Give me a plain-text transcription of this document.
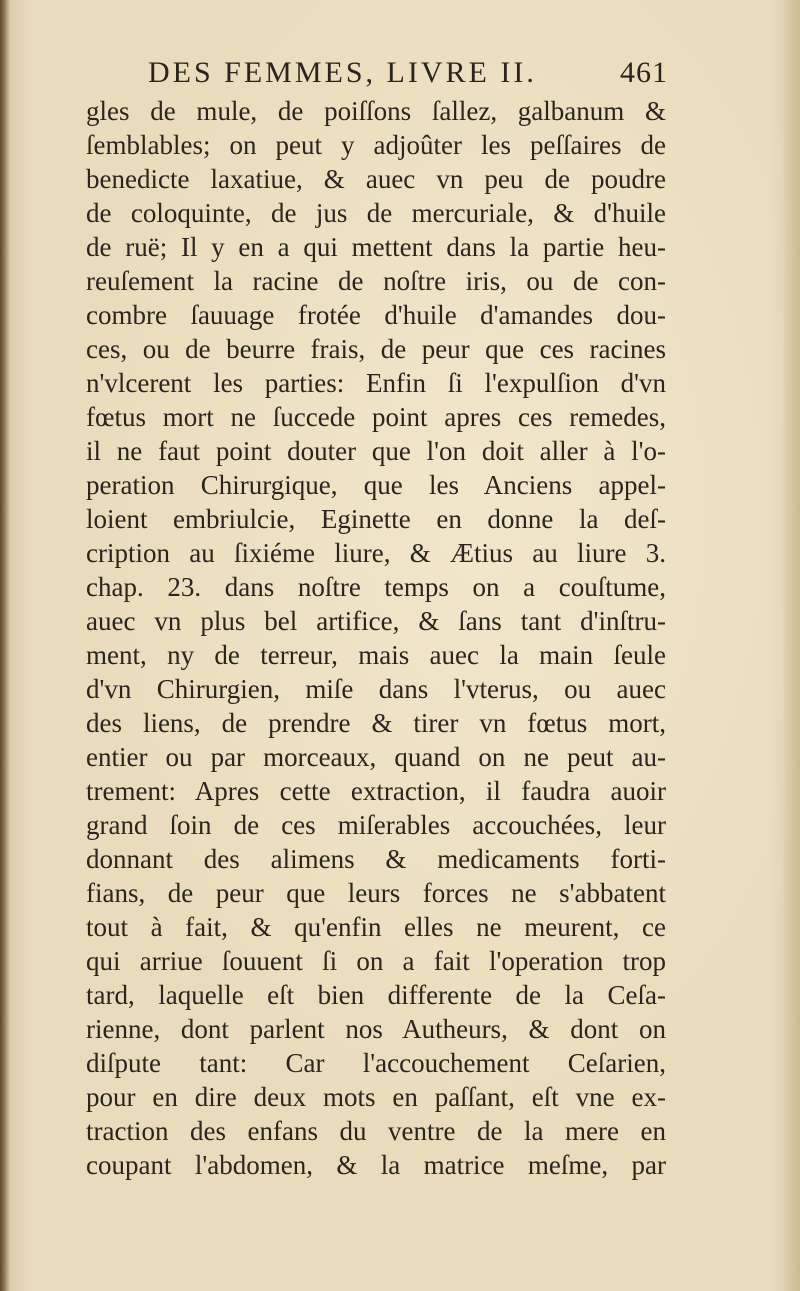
DES FEMMES, LIVRE II.	461
gles de mule, de poiſſons ſallez, galbanum &
ſemblables; on peut y adjoûter les peſſaires de
benedicte laxatiue, & auec vn peu de poudre
de coloquinte, de jus de mercuriale, & d'huile
de ruë; Il y en a qui mettent dans la partie heu-
reuſement la racine de noſtre iris, ou de con-
combre ſauuage frotée d'huile d'amandes dou-
ces, ou de beurre frais, de peur que ces racines
n'vlcerent les parties: Enfin ſi l'expulſion d'vn
fœtus mort ne ſuccede point apres ces remedes,
il ne faut point douter que l'on doit aller à l'o-
peration Chirurgique, que les Anciens appel-
loient embriulcie, Eginette en donne la deſ-
cription au ſixiéme liure, & Ætius au liure 3.
chap. 23. dans noſtre temps on a couſtume,
auec vn plus bel artifice, & ſans tant d'inſtru-
ment, ny de terreur, mais auec la main ſeule
d'vn Chirurgien, miſe dans l'vterus, ou auec
des liens, de prendre & tirer vn fœtus mort,
entier ou par morceaux, quand on ne peut au-
trement: Apres cette extraction, il faudra auoir
grand ſoin de ces miſerables accouchées, leur
donnant des alimens & medicaments forti-
fians, de peur que leurs forces ne s'abbatent
tout à fait, & qu'enfin elles ne meurent, ce
qui arriue ſouuent ſi on a fait l'operation trop
tard, laquelle eſt bien differente de la Ceſa-
rienne, dont parlent nos Autheurs, & dont on
diſpute tant: Car l'accouchement Ceſarien,
pour en dire deux mots en paſſant, eſt vne ex-
traction des enfans du ventre de la mere en
coupant l'abdomen, & la matrice meſme, par
